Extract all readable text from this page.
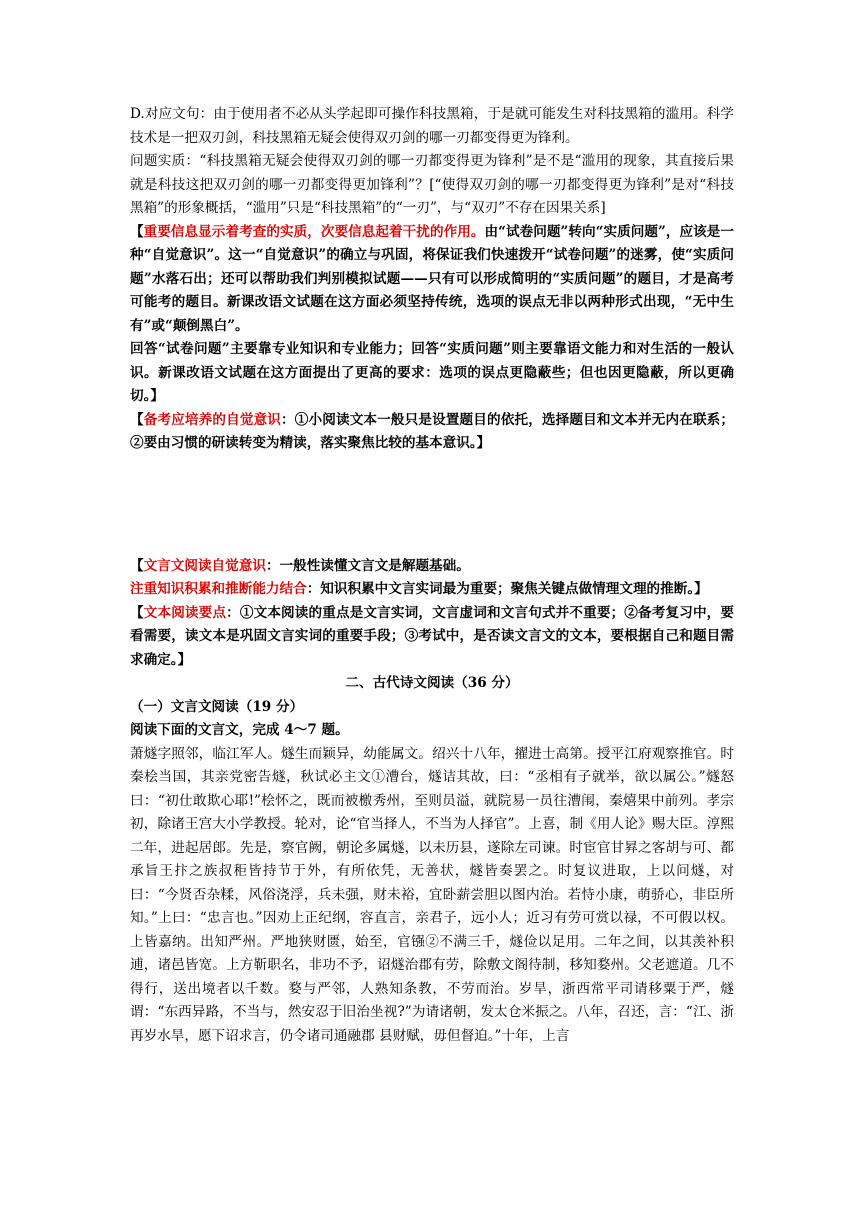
D.对应文句：由于使用者不必从头学起即可操作科技黑箱，于是就可能发生对科技黑箱的滥用。科学技术是一把双刃剑，科技黑箱无疑会使得双刃剑的哪一刃都变得更为锋利。

问题实质：“科技黑箱无疑会使得双刃剑的哪一刃都变得更为锋利”是不是“滥用的现象，其直接后果就是科技这把双刃剑的哪一刃都变得更加锋利”？[“使得双刃剑的哪一刃都变得更为锋利”是对“科技黑箱”的形象概括，“滥用”只是“科技黑箱”的“一刃”，与“双刃”不存在因果关系]

【重要信息显示着考查的实质，次要信息起着干扰的作用。由“试卷问题”转向“实质问题”，应该是一种“自觉意识”。这一“自觉意识”的确立与巩固，将保证我们快速拨开“试卷问题”的迷雾，使“实质问题”水落石出；还可以帮助我们判别模拟试题——只有可以形成简明的“实质问题”的题目，才是高考可能考的题目。新课改语文试题在这方面必须坚持传统，选项的误点无非以两种形式出现，“无中生有”或“颠倒黑白”。

回答“试卷问题”主要靠专业知识和专业能力；回答“实质问题”则主要靠语文能力和对生活的一般认识。新课改语文试题在这方面提出了更高的要求：选项的误点更隐蔽些；但也因更隐蔽，所以更确切。】

【备考应培养的自觉意识：①小阅读文本一般只是设置题目的依托，选择题目和文本并无内在联系；②要由习惯的研读转变为精读，落实聚焦比较的基本意识。】

【文言文阅读自觉意识：一般性读懂文言文是解题基础。

注重知识积累和推断能力结合：知识积累中文言实词最为重要；聚焦关键点做情理文理的推断。】

【文本阅读要点：①文本阅读的重点是文言实词，文言虚词和文言句式并不重要；②备考复习中，要看需要，读文本是巩固文言实词的重要手段；③考试中，是否读文言文的文本，要根据自己和题目需求确定。】

二、古代诗文阅读（36 分）

（一）文言文阅读（19 分）

阅读下面的文言文，完成 4～7 题。

萧燧字照邻，临江军人。燧生而颖异，幼能属文。绍兴十八年，擢进士高第。授平江府观察推官。时秦桧当国，其亲党密告燧，秋试必主文①漕台，燧诘其故，曰：“丞相有子就举，欲以属公。”燧怒曰：“初仕敢欺心耶!”桧怀之，既而被檄秀州，至则员溢，就院易一员往漕闱，秦熺果中前列。孝宗初，除诸王宫大小学教授。轮对，论“官当择人，不当为人择官”。上喜，制《用人论》赐大臣。淳熙二年，进起居郎。先是，察官阙，朝论多属燧，以未历县，遂除左司谏。时宦官甘昪之客胡与可、都承旨王抃之族叔秬皆持节于外，有所依凭，无善状，燧皆奏罢之。时复议进取，上以问燧，对曰：“今贤否杂糅，风俗浇浮，兵未强，财未裕，宜卧薪尝胆以图内治。若恃小康，萌骄心，非臣所知。”上曰：“忠言也。”因劝上正纪纲，容直言，亲君子，远小人；近习有劳可赏以禄，不可假以权。上皆嘉纳。出知严州。严地狭财匮，始至，官镪②不满三千，燧俭以足用。二年之间，以其羡补积逋，诸邑皆宽。上方靳职名，非功不予，诏燧治郡有劳，除敷文阁待制，移知婺州。父老遮道。几不得行，送出境者以千数。婺与严邻，人熟知条教，不劳而治。岁旱，浙西常平司请移粟于严，燧谓：“东西异路，不当与，然安忍于旧治坐视?”为请诸朝，发太仓米振之。八年，召还，言：“江、浙再岁水旱，愿下诏求言，仍令诸司通融郡 县财赋，毋但督迫。”十年，上言
